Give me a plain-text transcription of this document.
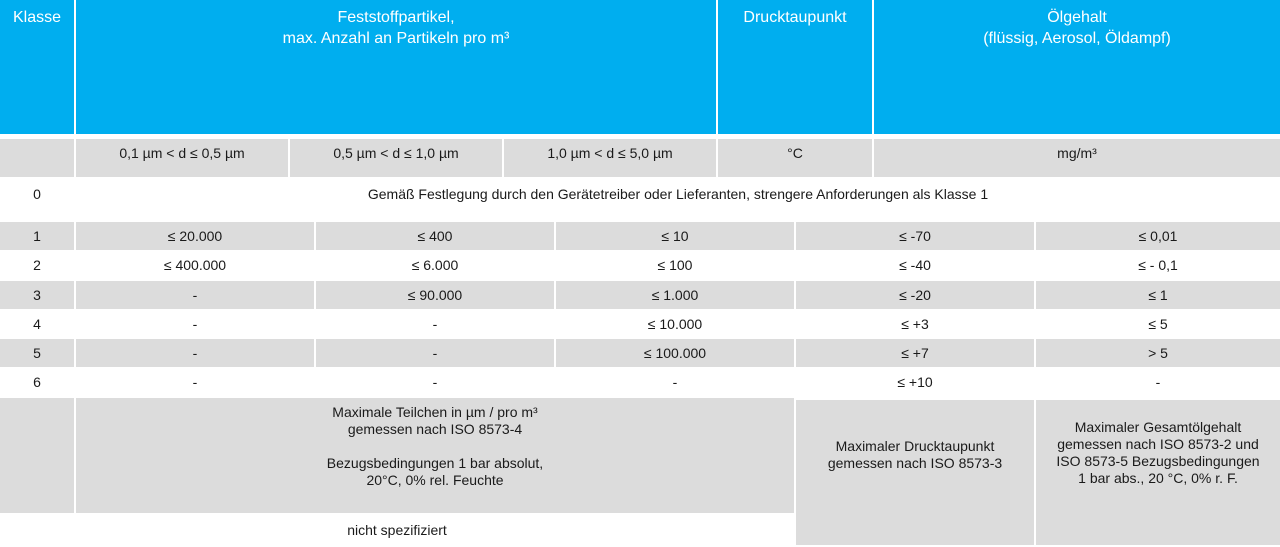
Klasse	Feststoffpartikel,
max. Anzahl an Partikeln pro m³
Drucktaupunkt	Ölgehalt
(flüssig, Aerosol, Öldampf)
0,1 µm < d ≤ 0,5 µm	0,5 µm < d ≤ 1,0 µm	1,0 µm < d ≤ 5,0 µm	°C	mg/m³
0	Gemäß Festlegung durch den Gerätetreiber oder Lieferanten, strengere Anforderungen als Klasse 1
1	≤ 20.000	≤ 400	≤ 10	≤ -70	≤ 0,01
2	≤ 400.000	≤ 6.000	≤ 100	≤ -40	≤ - 0,1
3	-	≤ 90.000	≤ 1.000	≤ -20	≤ 1
4	-	-	≤ 10.000	≤ +3	≤ 5
5	-	-	≤ 100.000	≤ +7	> 5
6	-	-	-	≤ +10	-
Maximale Teilchen in µm / pro m³
gemessen nach ISO 8573-4
Bezugsbedingungen 1 bar absolut,
20°C, 0% rel. Feuchte
nicht spezifiziert
Maximaler Drucktaupunkt
gemessen nach ISO 8573-3
Maximaler Gesamtölgehalt
gemessen nach ISO 8573-2 und
ISO 8573-5 Bezugsbedingungen
1 bar abs., 20 °C, 0% r. F.
